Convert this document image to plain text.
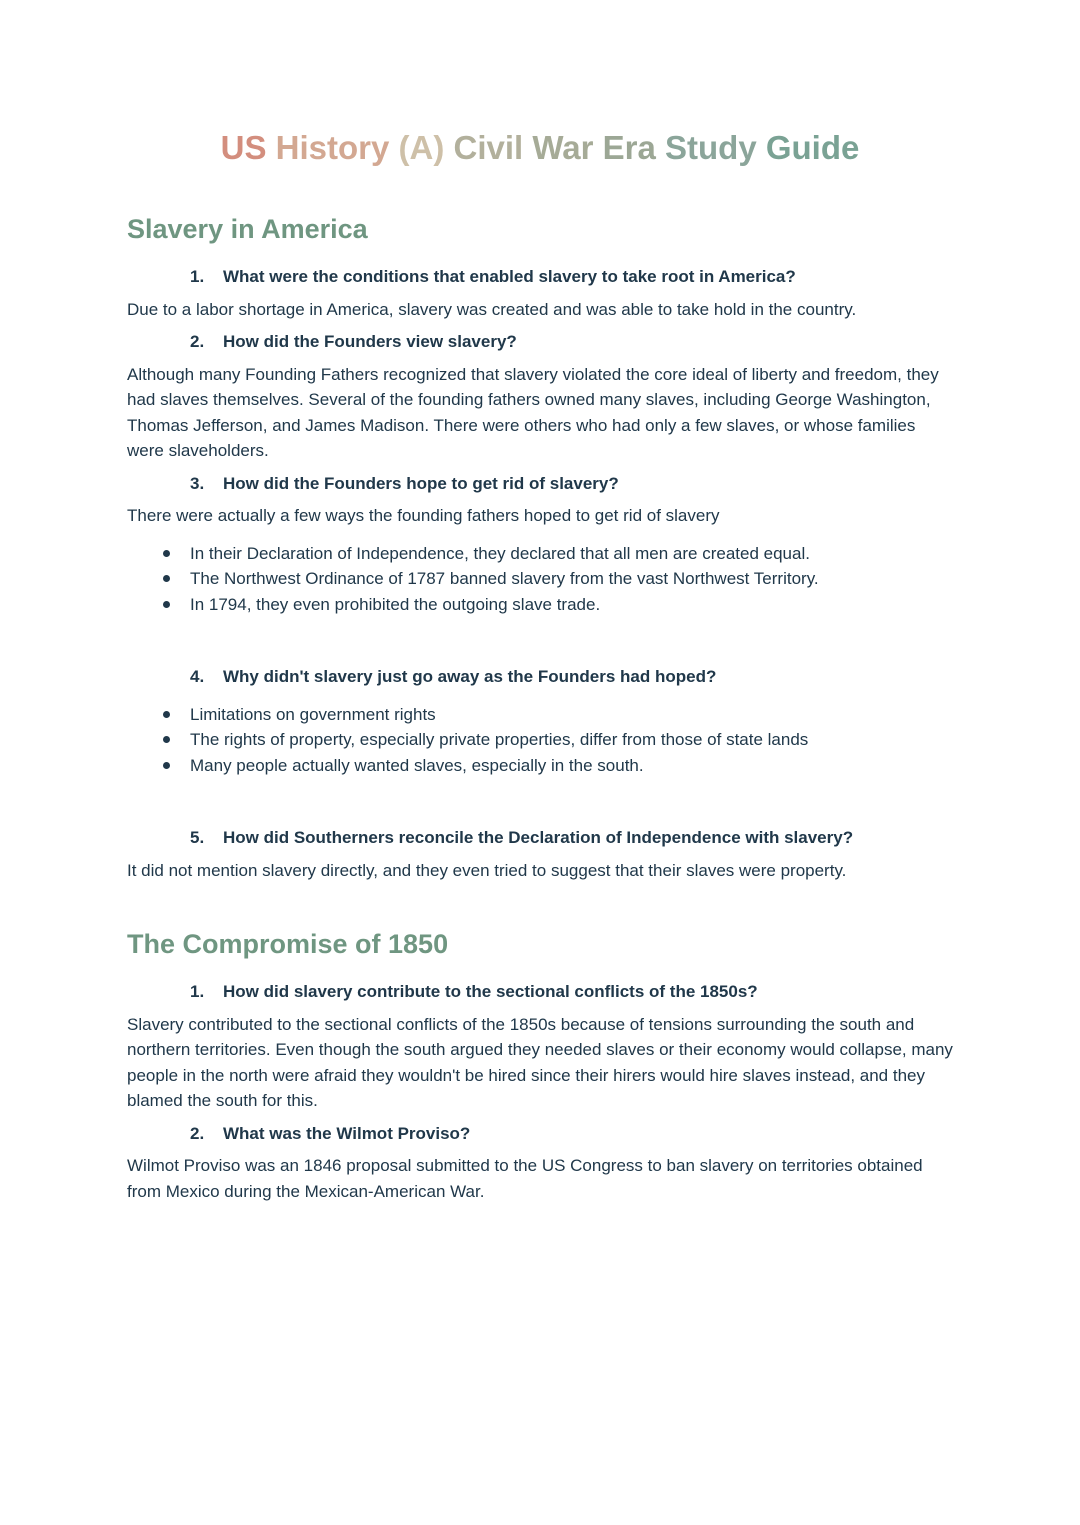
US History (A) Civil War Era Study Guide
Slavery in America
1. What were the conditions that enabled slavery to take root in America?

Due to a labor shortage in America, slavery was created and was able to take hold in the country.

2. How did the Founders view slavery?

Although many Founding Fathers recognized that slavery violated the core ideal of liberty and freedom, they had slaves themselves. Several of the founding fathers owned many slaves, including George Washington, Thomas Jefferson, and James Madison. There were others who had only a few slaves, or whose families were slaveholders.

3. How did the Founders hope to get rid of slavery?

There were actually a few ways the founding fathers hoped to get rid of slavery

In their Declaration of Independence, they declared that all men are created equal.
The Northwest Ordinance of 1787 banned slavery from the vast Northwest Territory.
In 1794, they even prohibited the outgoing slave trade.
4. Why didn't slavery just go away as the Founders had hoped?
Limitations on government rights
The rights of property, especially private properties, differ from those of state lands
Many people actually wanted slaves, especially in the south.
5. How did Southerners reconcile the Declaration of Independence with slavery?

It did not mention slavery directly, and they even tried to suggest that their slaves were property.

The Compromise of 1850
1. How did slavery contribute to the sectional conflicts of the 1850s?

Slavery contributed to the sectional conflicts of the 1850s because of tensions surrounding the south and northern territories. Even though the south argued they needed slaves or their economy would collapse, many people in the north were afraid they wouldn't be hired since their hirers would hire slaves instead, and they blamed the south for this.

2. What was the Wilmot Proviso?

Wilmot Proviso was an 1846 proposal submitted to the US Congress to ban slavery on territories obtained from Mexico during the Mexican-American War.
